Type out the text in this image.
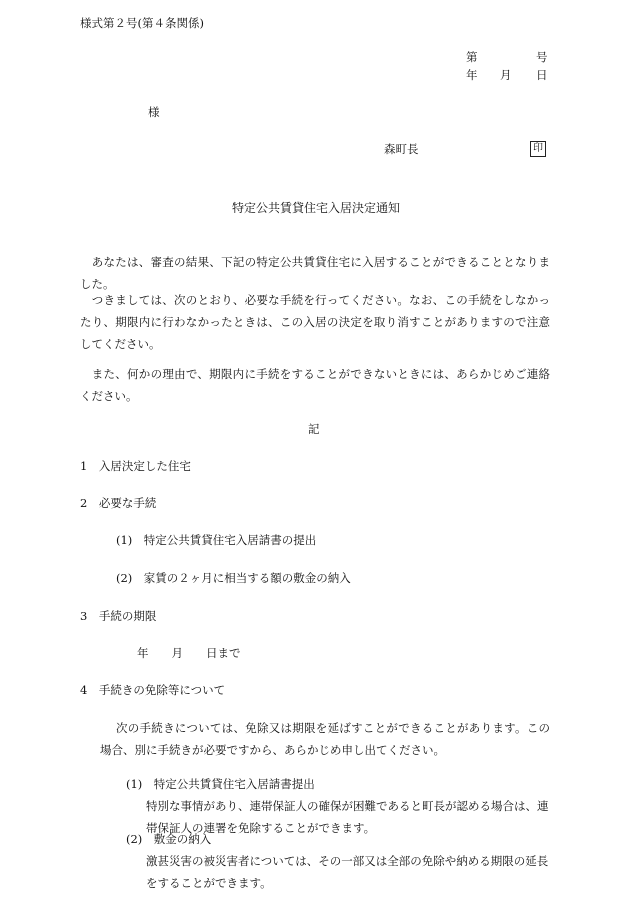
様式第２号(第４条関係)
第	号
年 月 日
様
森町長	印
特定公共賃貸住宅入居決定通知
　あなたは、審査の結果、下記の特定公共賃貸住宅に入居することができることとなりました。
　つきましては、次のとおり、必要な手続を行ってください。なお、この手続をしなかったり、期限内に行わなかったときは、この入居の決定を取り消すことがありますので注意してください。
　また、何かの理由で、期限内に手続をすることができないときには、あらかじめご連絡ください。
記
1　入居決定した住宅
2　必要な手続
(1)　特定公共賃貸住宅入居請書の提出
(2)　家賃の２ヶ月に相当する額の敷金の納入
3　手続の期限
年　　月　　日まで
4　手続きの免除等について
次の手続きについては、免除又は期限を延ばすことができることがあります。この場合、別に手続きが必要ですから、あらかじめ申し出てください。
(1)　特定公共賃貸住宅入居請書提出
特別な事情があり、連帯保証人の確保が困難であると町長が認める場合は、連帯保証人の連署を免除することができます。
(2)　敷金の納入
激甚災害の被災害者については、その一部又は全部の免除や納める期限の延長をすることができます。
